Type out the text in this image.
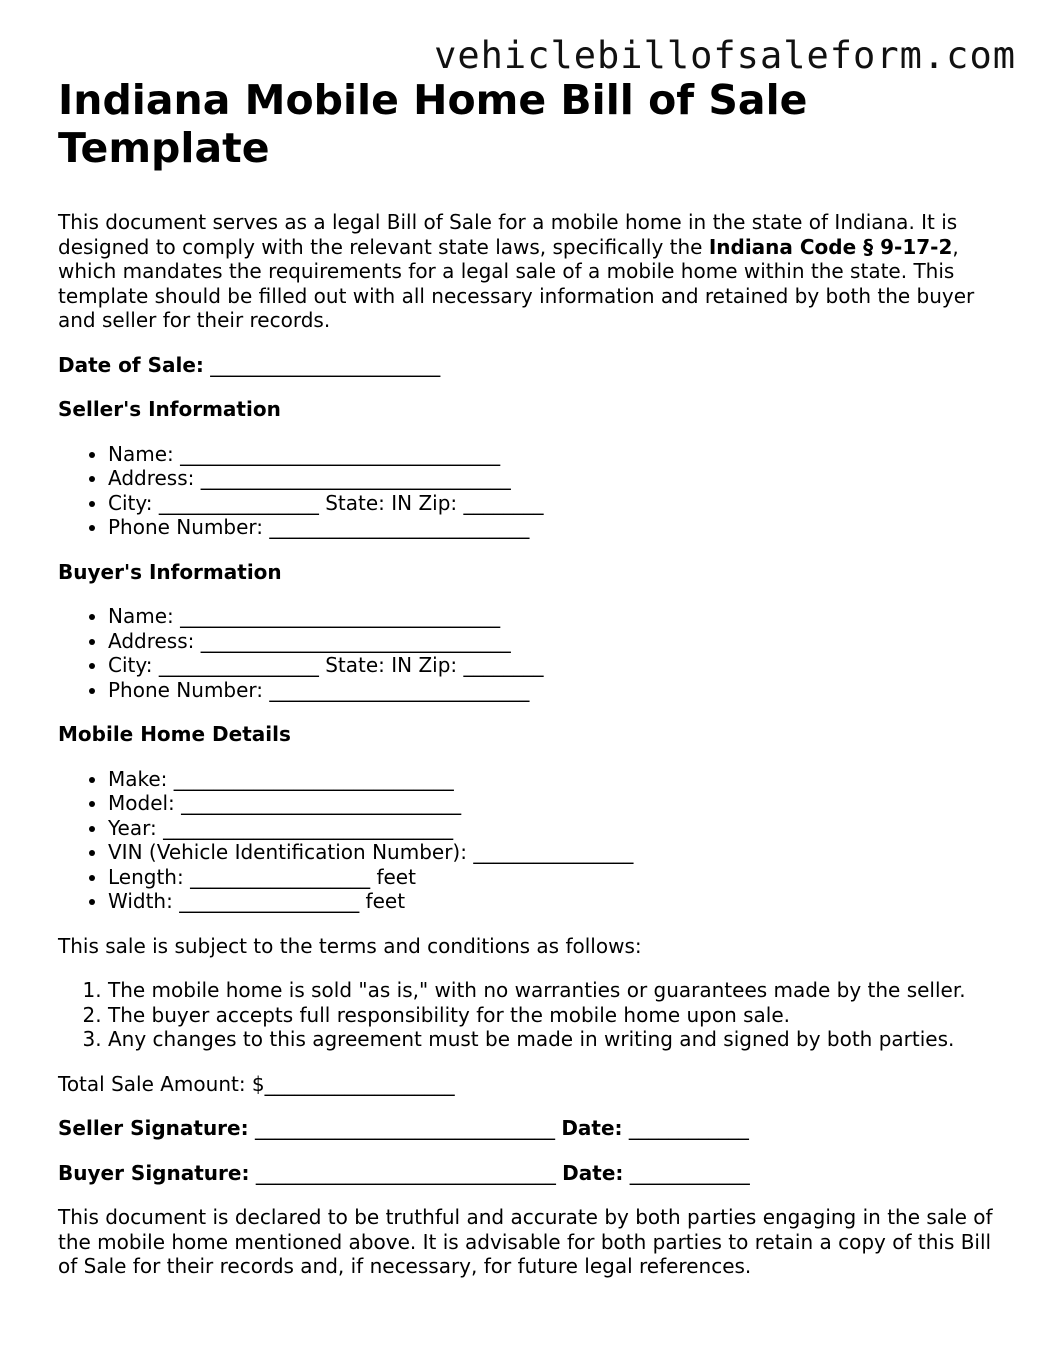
vehiclebillofsaleform.com
Indiana Mobile Home Bill of Sale Template

This document serves as a legal Bill of Sale for a mobile home in the state of Indiana. It is designed to comply with the relevant state laws, specifically the Indiana Code § 9-17-2, which mandates the requirements for a legal sale of a mobile home within the state. This template should be filled out with all necessary information and retained by both the buyer and seller for their records.

Date of Sale: _______________________

Seller's Information
• Name: ________________________________
• Address: _______________________________
• City: ________________ State: IN Zip: ________
• Phone Number: __________________________
Buyer's Information
• Name: ________________________________
• Address: _______________________________
• City: ________________ State: IN Zip: ________
• Phone Number: __________________________
Mobile Home Details
• Make: ____________________________
• Model: ____________________________
• Year: _____________________________
• VIN (Vehicle Identification Number): ________________
• Length: __________________ feet
• Width: __________________ feet

This sale is subject to the terms and conditions as follows:

1. The mobile home is sold "as is," with no warranties or guarantees made by the seller.
2. The buyer accepts full responsibility for the mobile home upon sale.
3. Any changes to this agreement must be made in writing and signed by both parties.

Total Sale Amount: $___________________

Seller Signature: ______________________________ Date: ____________

Buyer Signature: ______________________________ Date: ____________

This document is declared to be truthful and accurate by both parties engaging in the sale of the mobile home mentioned above. It is advisable for both parties to retain a copy of this Bill of Sale for their records and, if necessary, for future legal references.
